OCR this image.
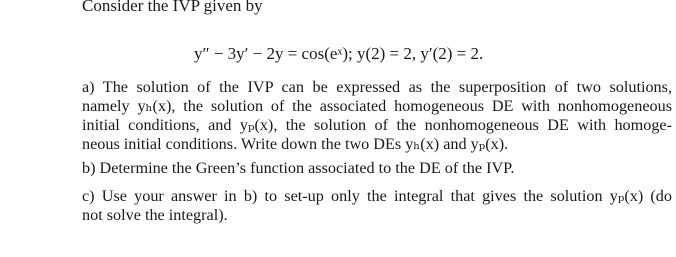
Consider the IVP given by
y″ − 3y′ − 2y = cos(eˣ); y(2) = 2, y′(2) = 2.
a) The solution of the IVP can be expressed as the superposition of two solutions,
namely yₕ(x), the solution of the associated homogeneous DE with nonhomogeneous
initial conditions, and yₚ(x), the solution of the nonhomogeneous DE with homoge-
neous initial conditions. Write down the two DEs yₕ(x) and yₚ(x).
b) Determine the Green’s function associated to the DE of the IVP.
c) Use your answer in b) to set-up only the integral that gives the solution yₚ(x) (do
not solve the integral).
